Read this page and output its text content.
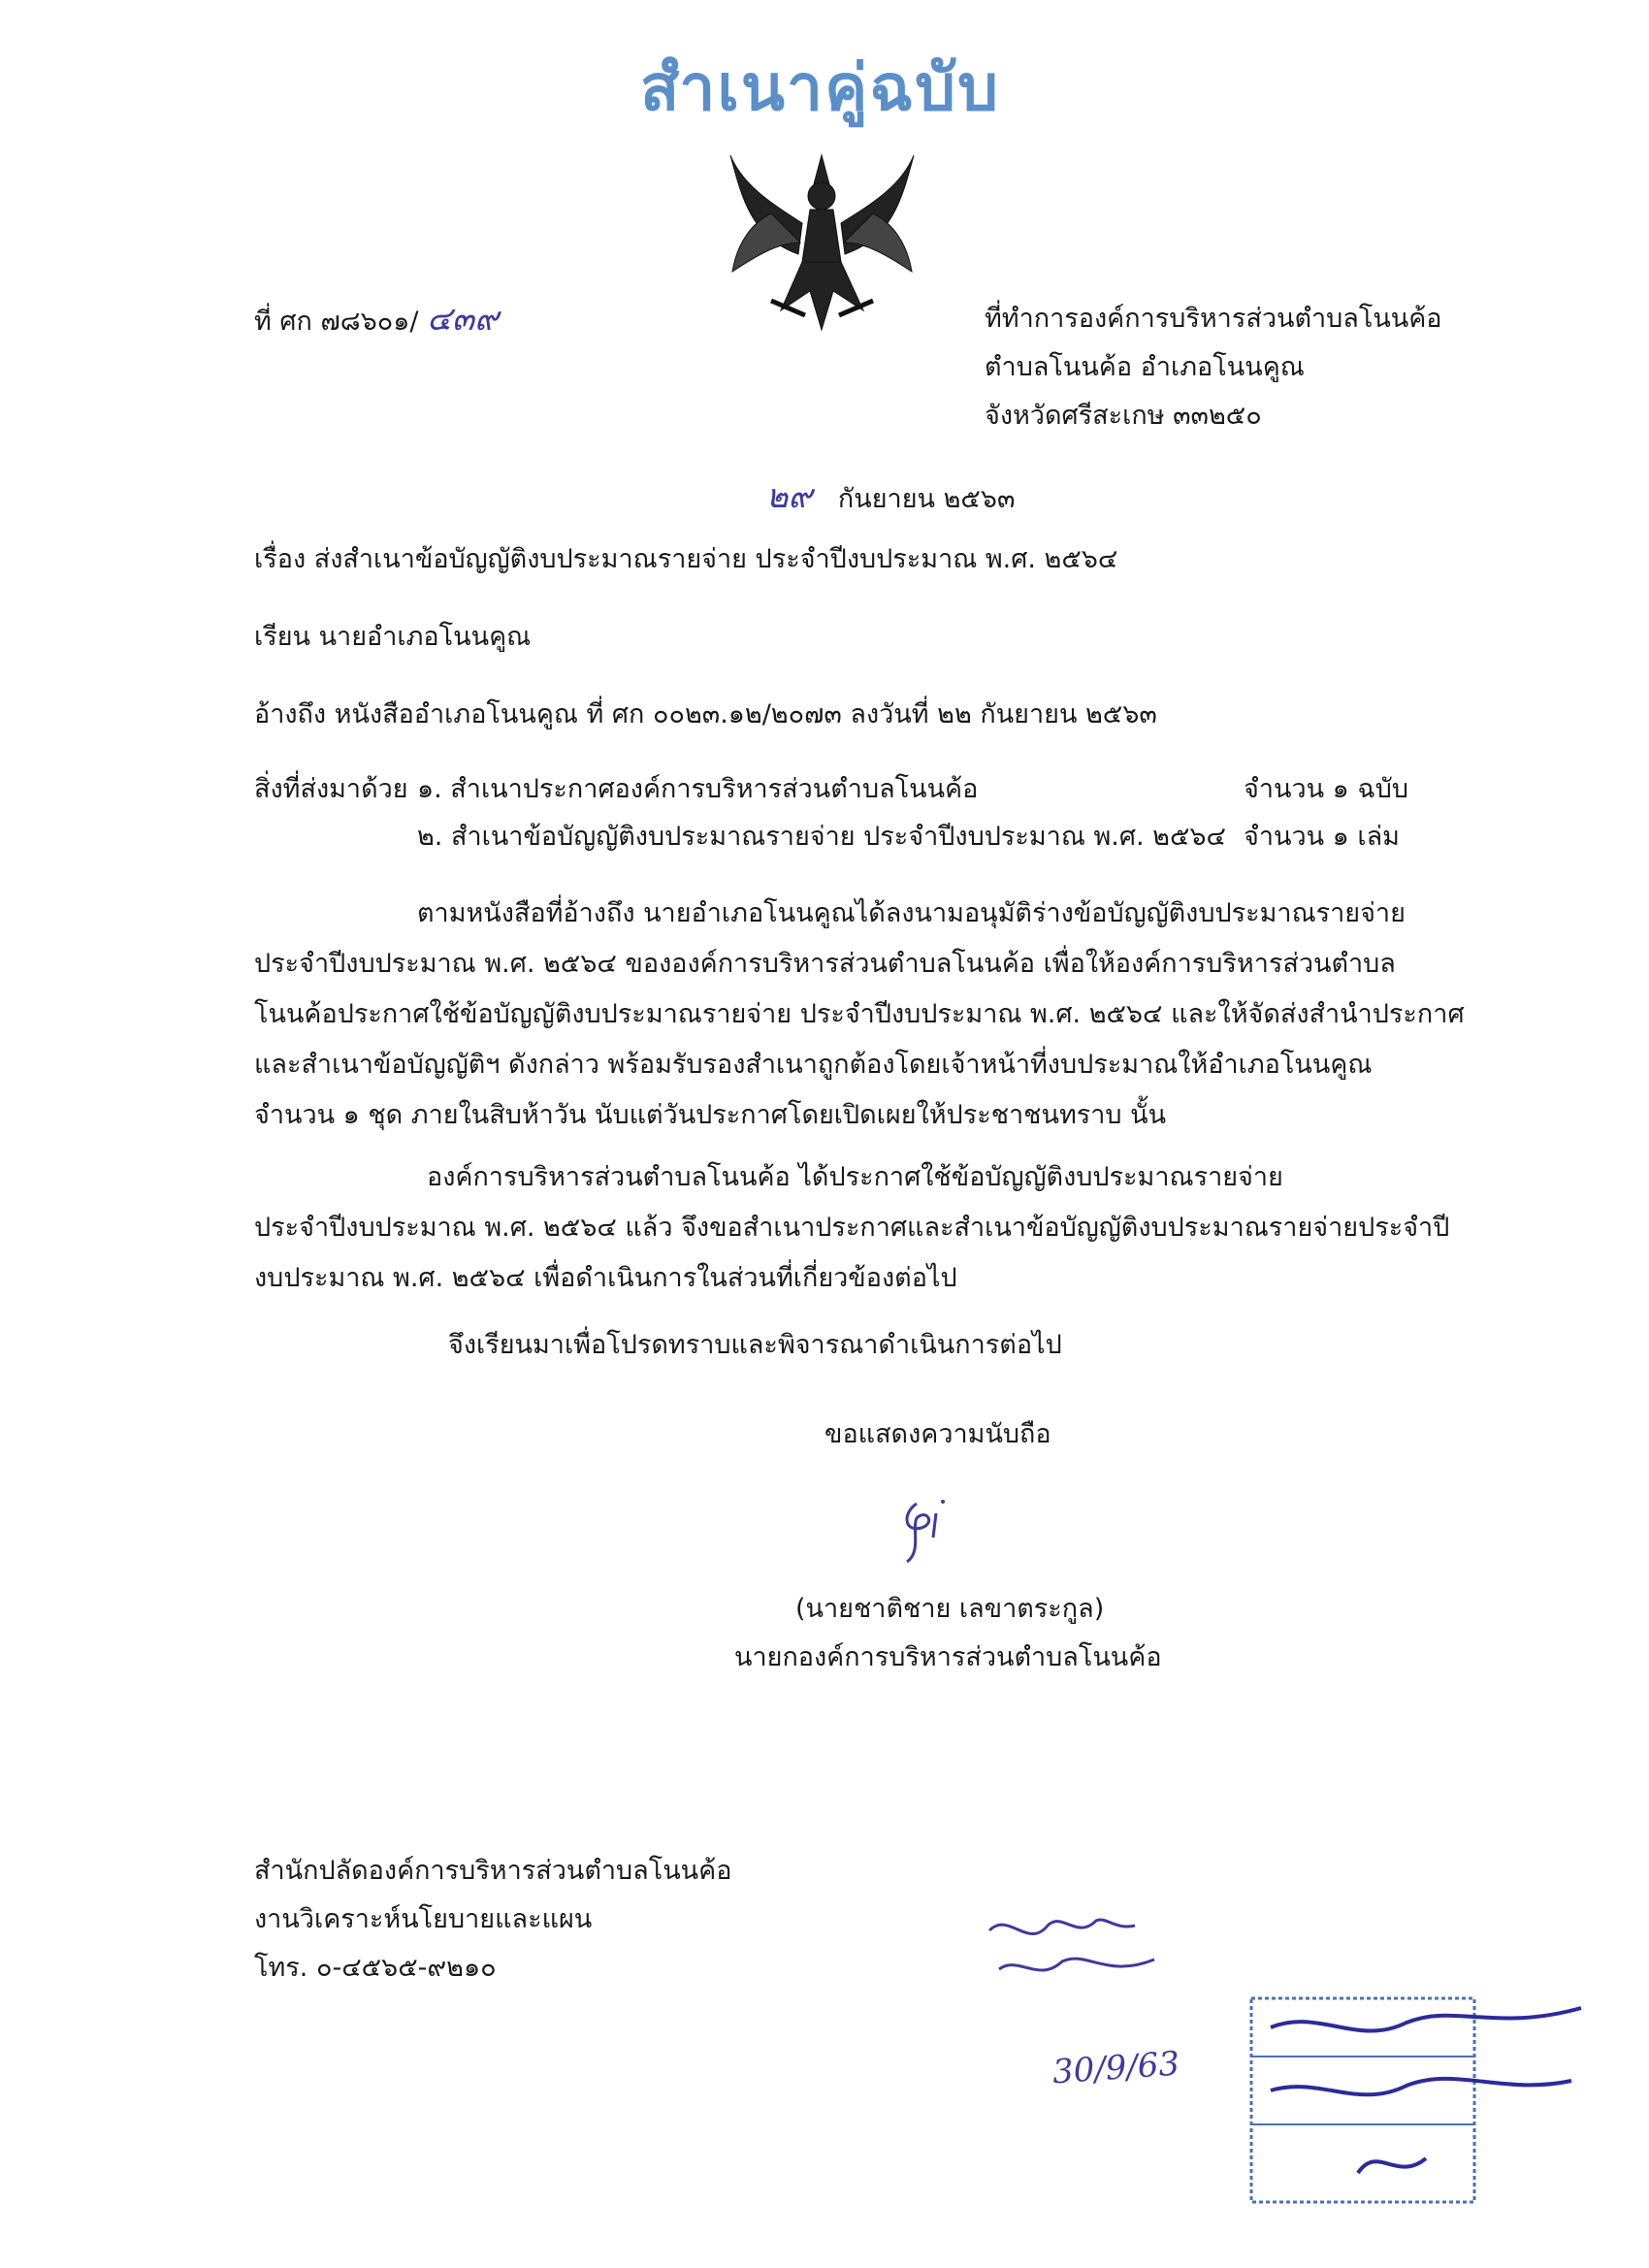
สำเนาคู่ฉบับ
ที่ ศก ๗๘๖๐๑/ ๔๓๙	ที่ทำการองค์การบริหารส่วนตำบลโนนค้อ
ตำบลโนนค้อ อำเภอโนนคูณ
จังหวัดศรีสะเกษ ๓๓๒๕๐
๒๙ กันยายน ๒๕๖๓
เรื่อง ส่งสำเนาข้อบัญญัติงบประมาณรายจ่าย ประจำปีงบประมาณ พ.ศ. ๒๕๖๔
เรียน นายอำเภอโนนคูณ
อ้างถึง หนังสืออำเภอโนนคูณ ที่ ศก ๐๐๒๓.๑๒/๒๐๗๓ ลงวันที่ ๒๒ กันยายน ๒๕๖๓
สิ่งที่ส่งมาด้วย ๑. สำเนาประกาศองค์การบริหารส่วนตำบลโนนค้อ	จำนวน ๑ ฉบับ
๒. สำเนาข้อบัญญัติงบประมาณรายจ่าย ประจำปีงบประมาณ พ.ศ. ๒๕๖๔ จำนวน ๑ เล่ม
ตามหนังสือที่อ้างถึง นายอำเภอโนนคูณได้ลงนามอนุมัติร่างข้อบัญญัติงบประมาณรายจ่าย
ประจำปีงบประมาณ พ.ศ. ๒๕๖๔ ขององค์การบริหารส่วนตำบลโนนค้อ เพื่อให้องค์การบริหารส่วนตำบล
โนนค้อประกาศใช้ข้อบัญญัติงบประมาณรายจ่าย ประจำปีงบประมาณ พ.ศ. ๒๕๖๔ และให้จัดส่งสำนำประกาศ
และสำเนาข้อบัญญัติฯ ดังกล่าว พร้อมรับรองสำเนาถูกต้องโดยเจ้าหน้าที่งบประมาณให้อำเภอโนนคูณ
จำนวน ๑ ชุด ภายในสิบห้าวัน นับแต่วันประกาศโดยเปิดเผยให้ประชาชนทราบ นั้น
องค์การบริหารส่วนตำบลโนนค้อ ได้ประกาศใช้ข้อบัญญัติงบประมาณรายจ่าย
ประจำปีงบประมาณ พ.ศ. ๒๕๖๔ แล้ว จึงขอสำเนาประกาศและสำเนาข้อบัญญัติงบประมาณรายจ่ายประจำปี
งบประมาณ พ.ศ. ๒๕๖๔ เพื่อดำเนินการในส่วนที่เกี่ยวข้องต่อไป
จึงเรียนมาเพื่อโปรดทราบและพิจารณาดำเนินการต่อไป
ขอแสดงความนับถือ
(นายชาติชาย เลขาตระกูล)
นายกองค์การบริหารส่วนตำบลโนนค้อ
สำนักปลัดองค์การบริหารส่วนตำบลโนนค้อ
งานวิเคราะห์นโยบายและแผน
โทร. ๐-๔๕๖๕-๙๒๑๐
30/9/63
